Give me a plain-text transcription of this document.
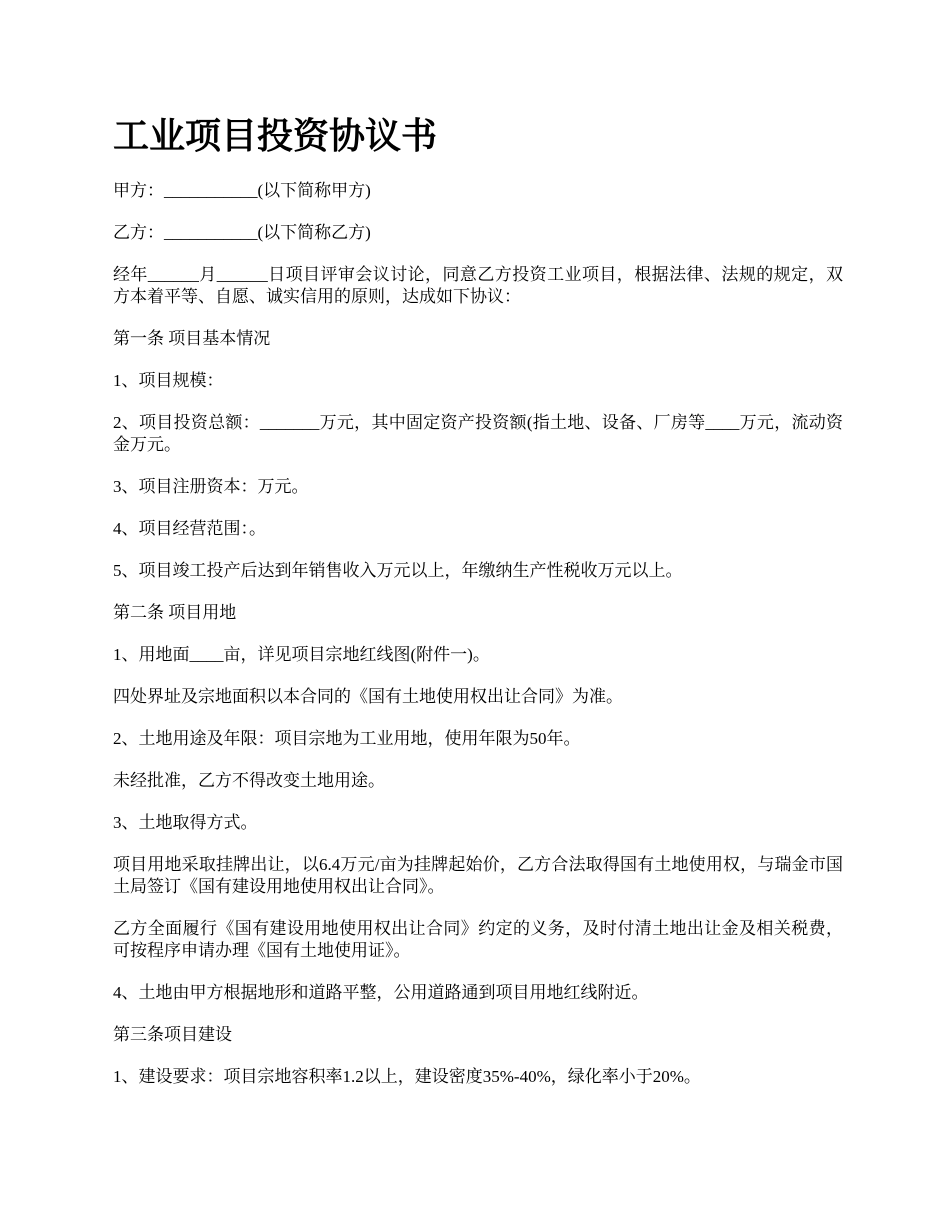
工业项目投资协议书

甲方：___________(以下简称甲方)

乙方：___________(以下简称乙方)

经年______月______日项目评审会议讨论，同意乙方投资工业项目，根据法律、法规的规定，双方本着平等、自愿、诚实信用的原则，达成如下协议：

第一条 项目基本情况

1、项目规模：

2、项目投资总额：_______万元，其中固定资产投资额(指土地、设备、厂房等____万元，流动资金万元。

3、项目注册资本：万元。

4、项目经营范围：。

5、项目竣工投产后达到年销售收入万元以上，年缴纳生产性税收万元以上。

第二条 项目用地

1、用地面____亩，详见项目宗地红线图(附件一)。

四处界址及宗地面积以本合同的《国有土地使用权出让合同》为准。

2、土地用途及年限：项目宗地为工业用地，使用年限为50年。

未经批准，乙方不得改变土地用途。

3、土地取得方式。

项目用地采取挂牌出让，以6.4万元/亩为挂牌起始价，乙方合法取得国有土地使用权，与瑞金市国土局签订《国有建设用地使用权出让合同》。

乙方全面履行《国有建设用地使用权出让合同》约定的义务，及时付清土地出让金及相关税费，可按程序申请办理《国有土地使用证》。

4、土地由甲方根据地形和道路平整，公用道路通到项目用地红线附近。

第三条项目建设

1、建设要求：项目宗地容积率1.2以上，建设密度35%-40%，绿化率小于20%。
